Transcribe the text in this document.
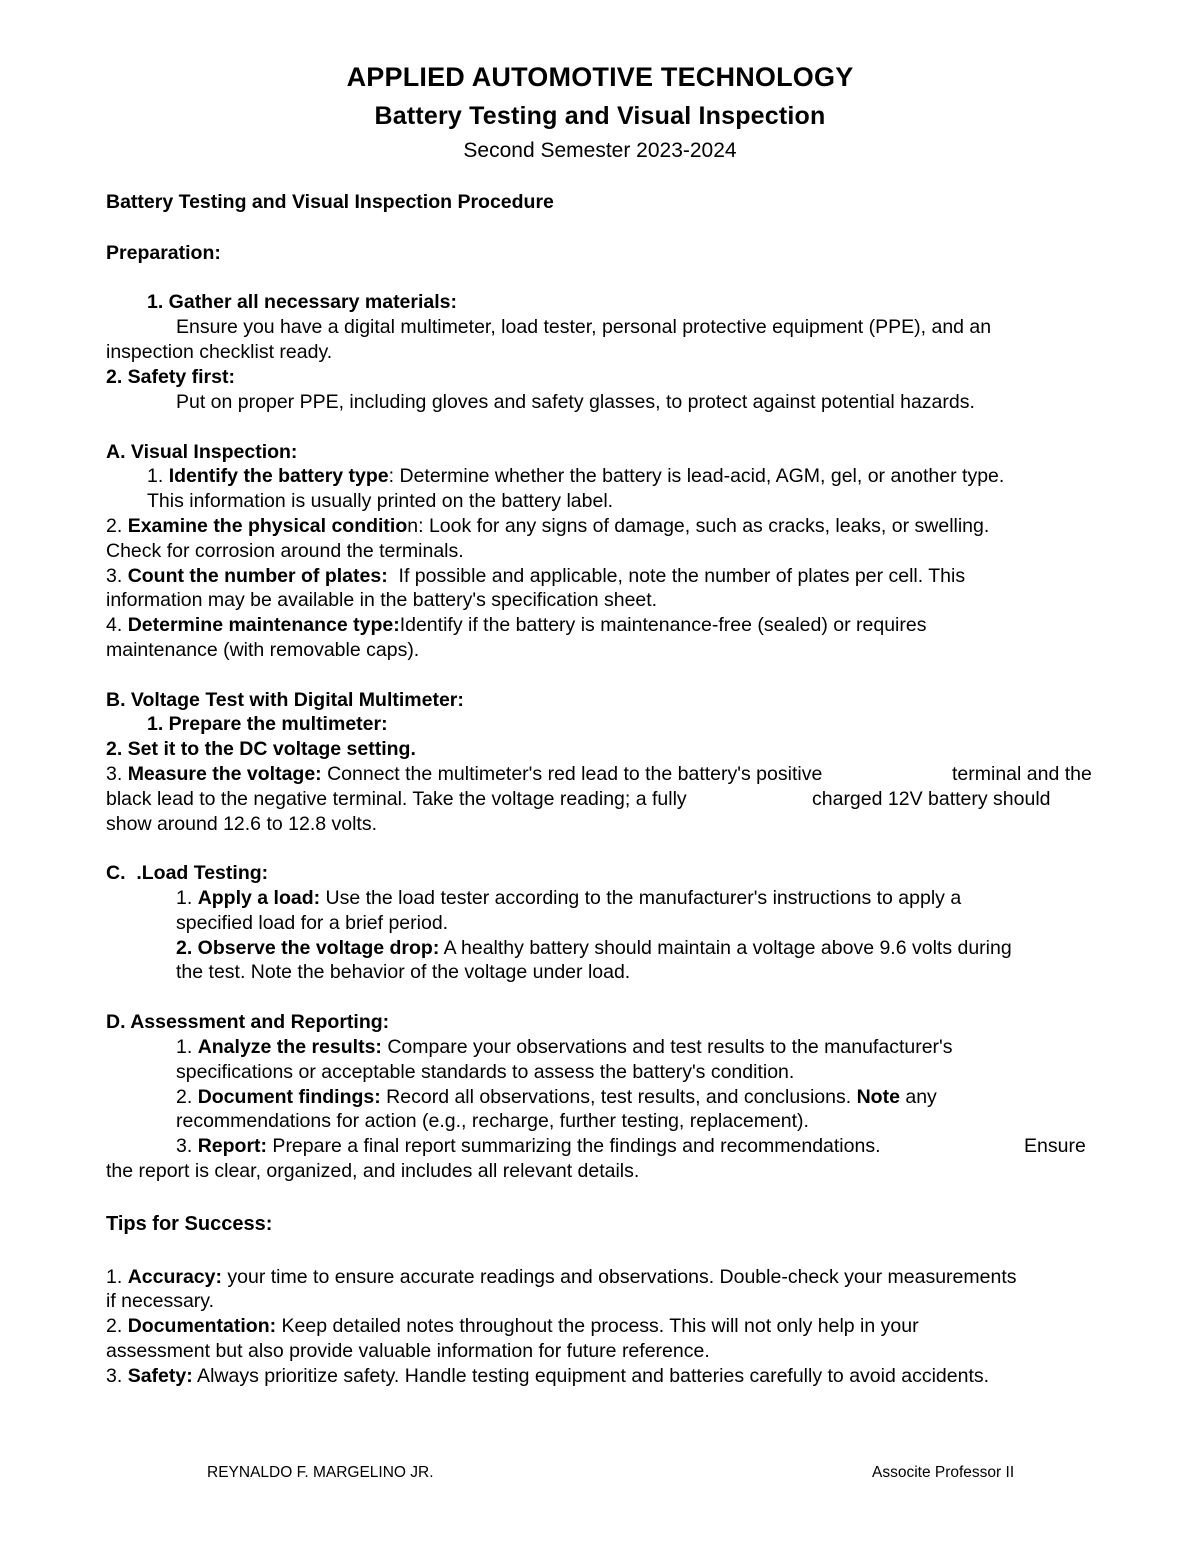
APPLIED AUTOMOTIVE TECHNOLOGY
Battery Testing and Visual Inspection
Second Semester 2023-2024
Battery Testing and Visual Inspection Procedure
Preparation:
1. Gather all necessary materials:
Ensure you have a digital multimeter, load tester, personal protective equipment (PPE), and an
inspection checklist ready.
2. Safety first:
Put on proper PPE, including gloves and safety glasses, to protect against potential hazards.
A. Visual Inspection:
1. Identify the battery type: Determine whether the battery is lead-acid, AGM, gel, or another type.
This information is usually printed on the battery label.
2. Examine the physical condition: Look for any signs of damage, such as cracks, leaks, or swelling.
Check for corrosion around the terminals.
3. Count the number of plates:  If possible and applicable, note the number of plates per cell. This
information may be available in the battery's specification sheet.
4. Determine maintenance type:Identify if the battery is maintenance-free (sealed) or requires
maintenance (with removable caps).
B. Voltage Test with Digital Multimeter:
1. Prepare the multimeter:
2. Set it to the DC voltage setting.
3. Measure the voltage: Connect the multimeter's red lead to the battery's positive	terminal and the
black lead to the negative terminal. Take the voltage reading; a fully	charged 12V battery should
show around 12.6 to 12.8 volts.
C.  .Load Testing:
1. Apply a load: Use the load tester according to the manufacturer's instructions to apply a
specified load for a brief period.
2. Observe the voltage drop: A healthy battery should maintain a voltage above 9.6 volts during
the test. Note the behavior of the voltage under load.
D. Assessment and Reporting:
1. Analyze the results: Compare your observations and test results to the manufacturer's
specifications or acceptable standards to assess the battery's condition.
2. Document findings: Record all observations, test results, and conclusions. Note any
recommendations for action (e.g., recharge, further testing, replacement).
3. Report: Prepare a final report summarizing the findings and recommendations.	Ensure
the report is clear, organized, and includes all relevant details.
Tips for Success:
1. Accuracy: your time to ensure accurate readings and observations. Double-check your measurements
if necessary.
2. Documentation: Keep detailed notes throughout the process. This will not only help in your
assessment but also provide valuable information for future reference.
3. Safety: Always prioritize safety. Handle testing equipment and batteries carefully to avoid accidents.
REYNALDO F. MARGELINO JR.	Associte Professor II
